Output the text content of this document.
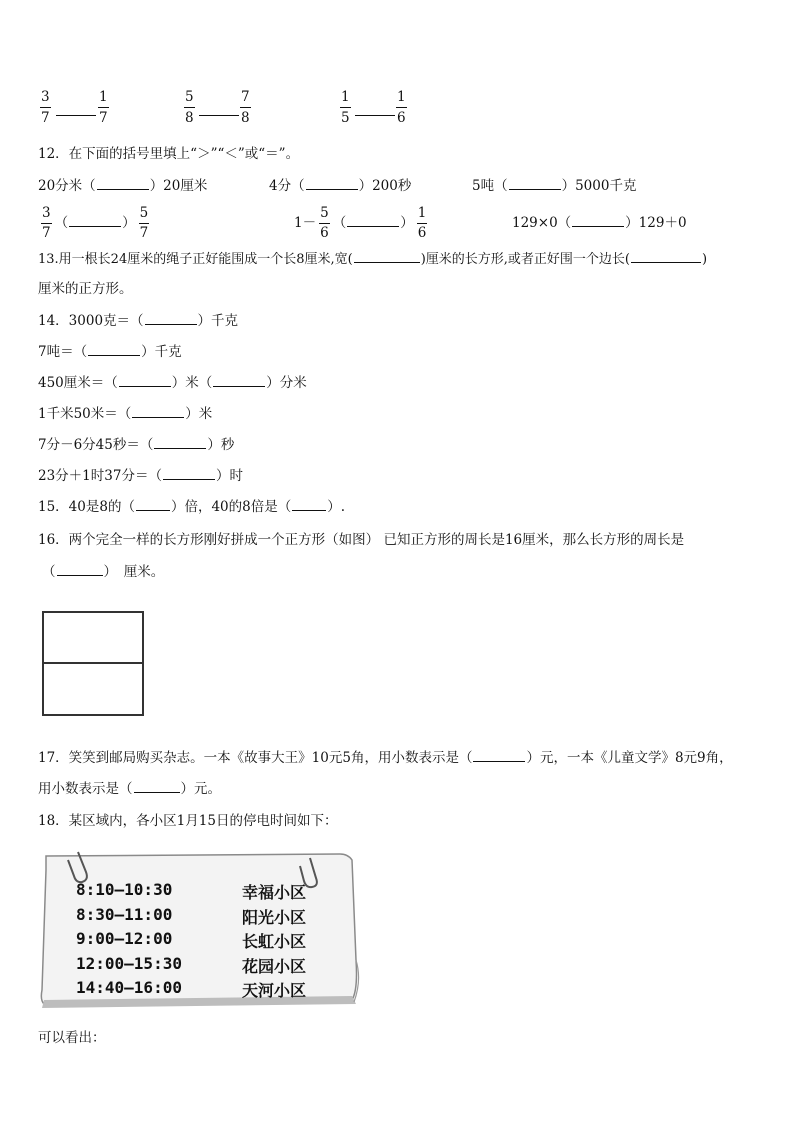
$\frac{3}{7}$	$\frac{1}{7}$	$\frac{5}{8}$	$\frac{7}{8}$	$\frac{1}{5}$	$\frac{1}{6}$
12．在下面的括号里填上“＞”“＜”或“＝”。
20分米（	）20厘米	4分（	）200秒	5吨（	）5000千克
$\frac{3}{7}$ （	） $\frac{5}{7}$	$1- \frac{5}{6}$ （	） $\frac{1}{6}$	129×0（	）129＋0
13.用一根长24厘米的绳子正好能围成一个长8厘米,宽(	)厘米的长方形,或者正好围一个边长(	)
厘米的正方形。
14．3000克＝（	）千克
7吨＝（	）千克
450厘米＝（	）米（	）分米
1千米50米＝（	）米
7分－6分45秒＝（	）秒
23分＋1时37分＝（	）时
15．40是8的（	）倍，40的8倍是（	）.
16．两个完全一样的长方形刚好拼成一个正方形（如图） 已知正方形的周长是16厘米，那么长方形的周长是
（	）　厘米。
17．笑笑到邮局购买杂志。一本《故事大王》10元5角，用小数表示是（	）元，一本《儿童文学》8元9角，
用小数表示是（	）元。
18．某区域内，各小区1月15日的停电时间如下：
8:10—10:30	幸福小区
8:30—11:00	阳光小区
9:00—12:00	长虹小区
12:00—15:30	花园小区
14:40—16:00	天河小区
可以看出：
